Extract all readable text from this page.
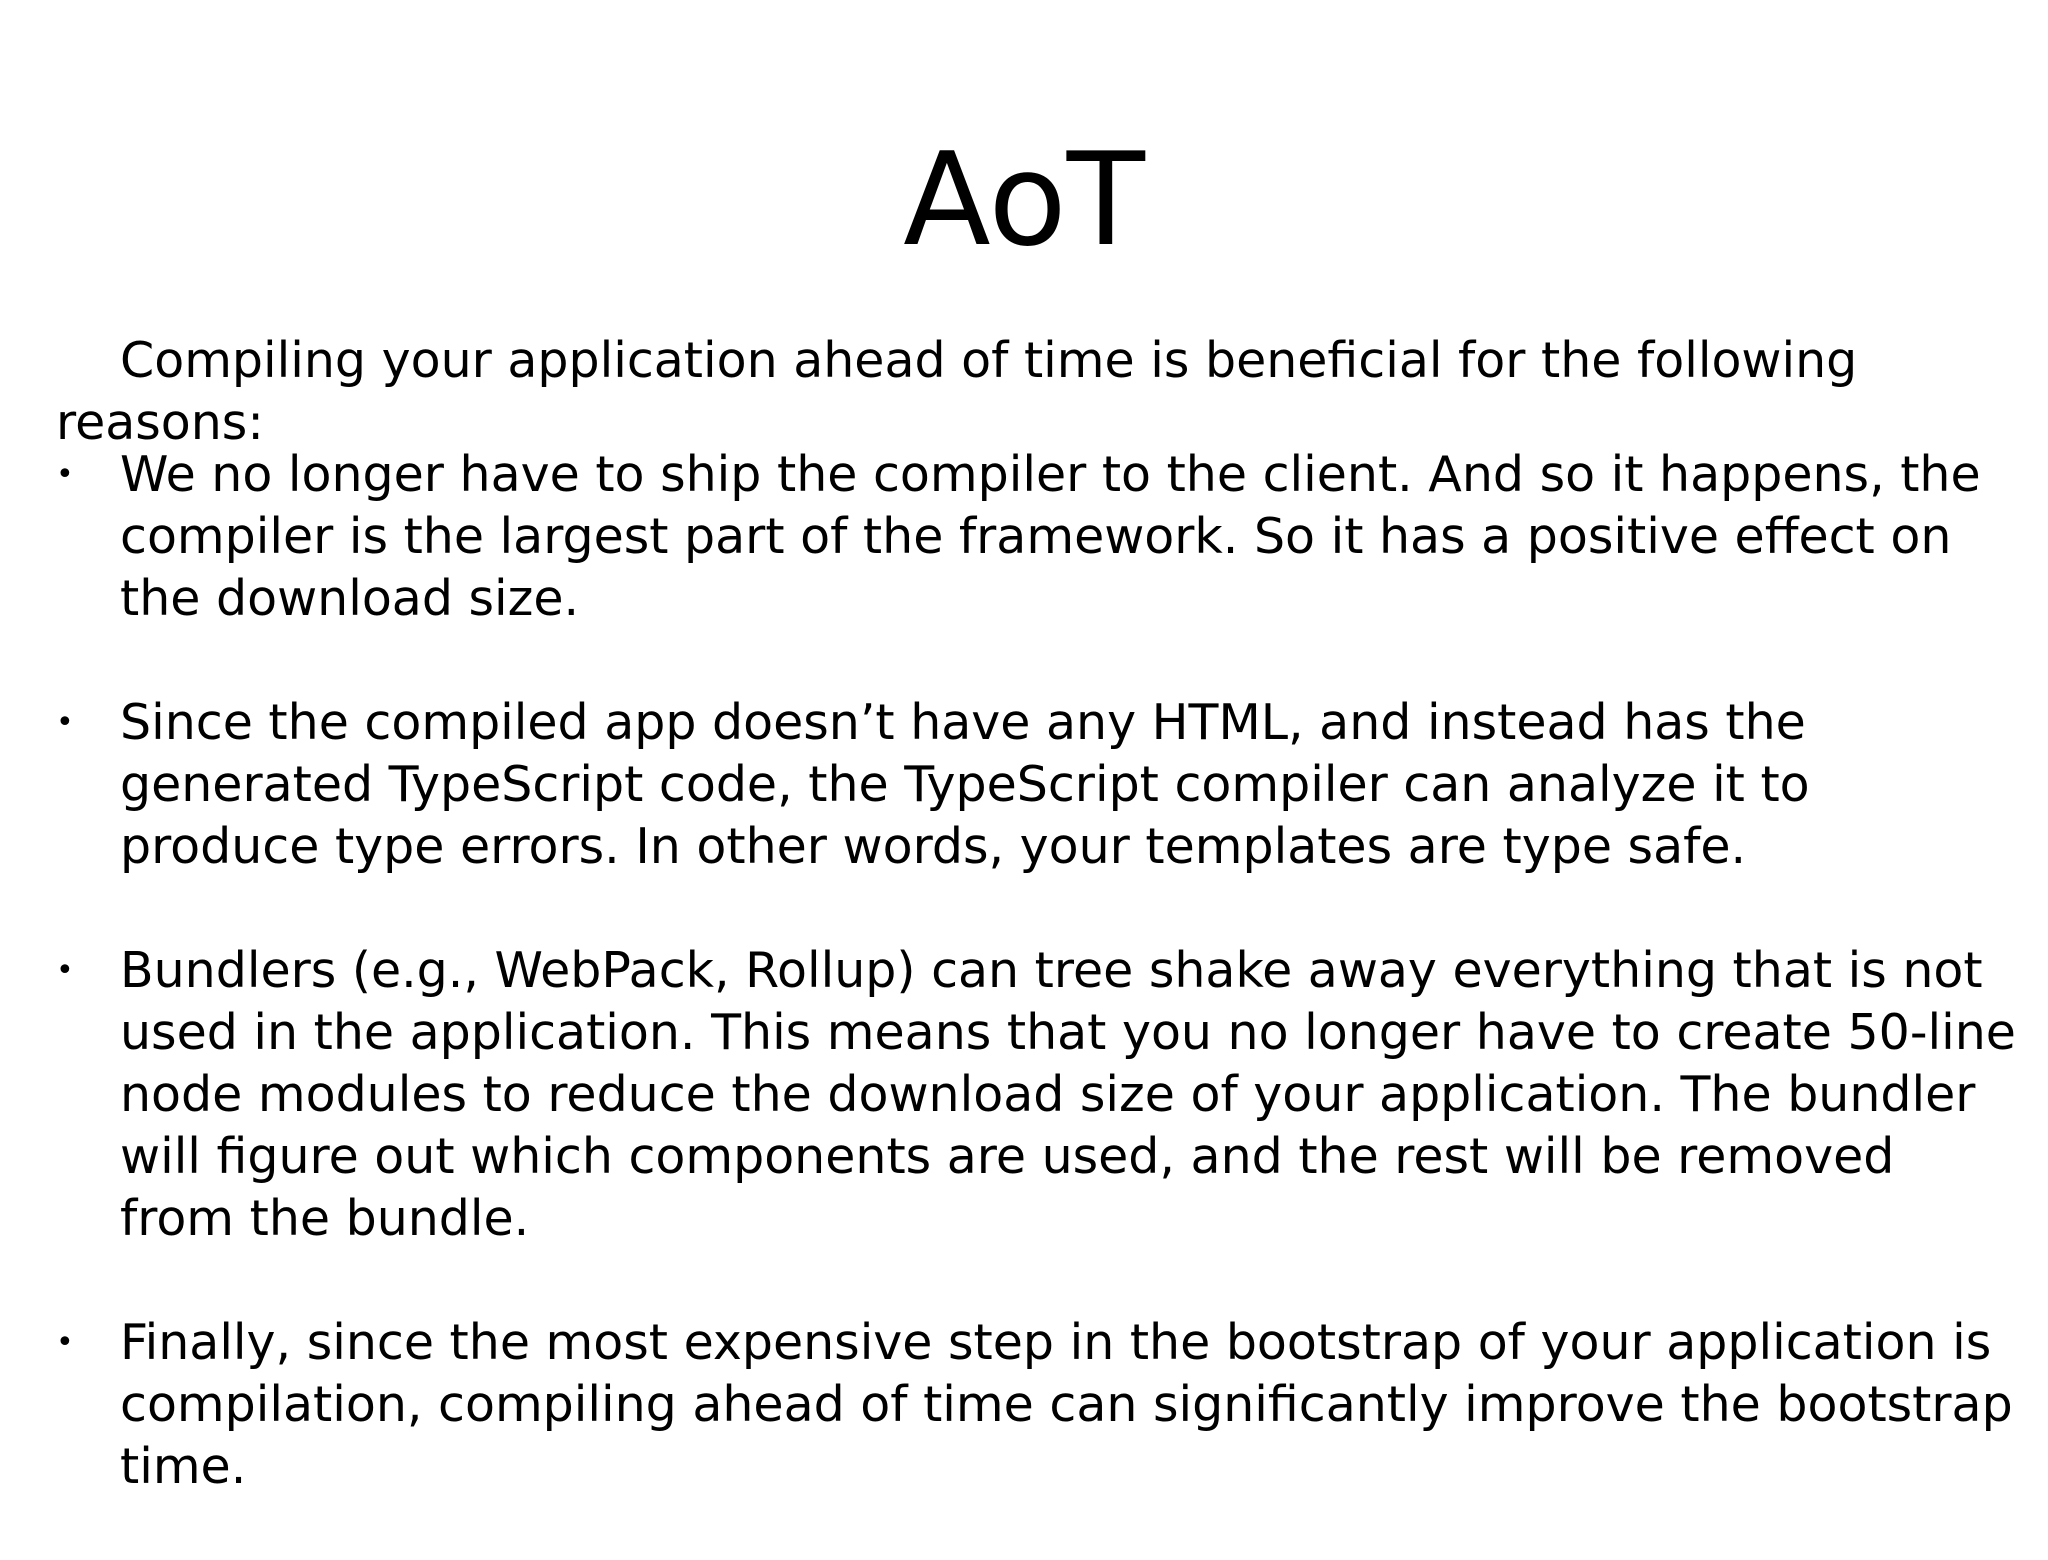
AoT

Compiling your application ahead of time is beneficial for the following reasons:

• We no longer have to ship the compiler to the client. And so it happens, the compiler is the largest part of the framework. So it has a positive effect on the download size.
• Since the compiled app doesn’t have any HTML, and instead has the generated TypeScript code, the TypeScript compiler can analyze it to produce type errors. In other words, your templates are type safe.
• Bundlers (e.g., WebPack, Rollup) can tree shake away everything that is not used in the application. This means that you no longer have to create 50-line node modules to reduce the download size of your application. The bundler will figure out which components are used, and the rest will be removed from the bundle.
• Finally, since the most expensive step in the bootstrap of your application is compilation, compiling ahead of time can significantly improve the bootstrap time.
